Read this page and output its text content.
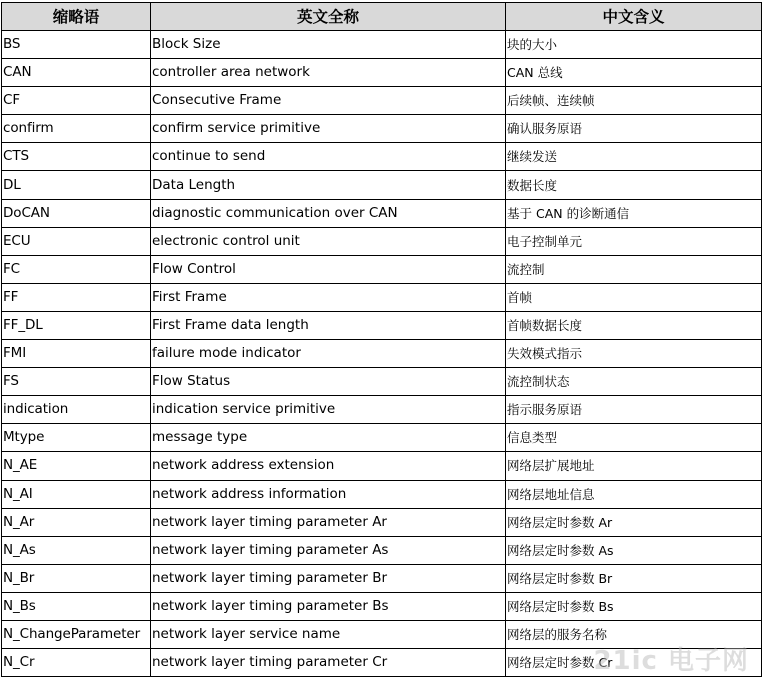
缩略语	英文全称	中文含义
BS	Block Size	块的大小
CAN	controller area network	CAN 总线
CF	Consecutive Frame	后续帧、连续帧
confirm	confirm service primitive	确认服务原语
CTS	continue to send	继续发送
DL	Data Length	数据长度
DoCAN	diagnostic communication over CAN	基于 CAN 的诊断通信
ECU	electronic control unit	电子控制单元
FC	Flow Control	流控制
FF	First Frame	首帧
FF_DL	First Frame data length	首帧数据长度
FMI	failure mode indicator	失效模式指示
FS	Flow Status	流控制状态
indication	indication service primitive	指示服务原语
Mtype	message type	信息类型
N_AE	network address extension	网络层扩展地址
N_AI	network address information	网络层地址信息
N_Ar	network layer timing parameter Ar	网络层定时参数 Ar
N_As	network layer timing parameter As	网络层定时参数 As
N_Br	network layer timing parameter Br	网络层定时参数 Br
N_Bs	network layer timing parameter Bs	网络层定时参数 Bs
N_ChangeParameter	network layer service name	网络层的服务名称
N_Cr	network layer timing parameter Cr	网络层定时参数 Cr
21ic 电子网
